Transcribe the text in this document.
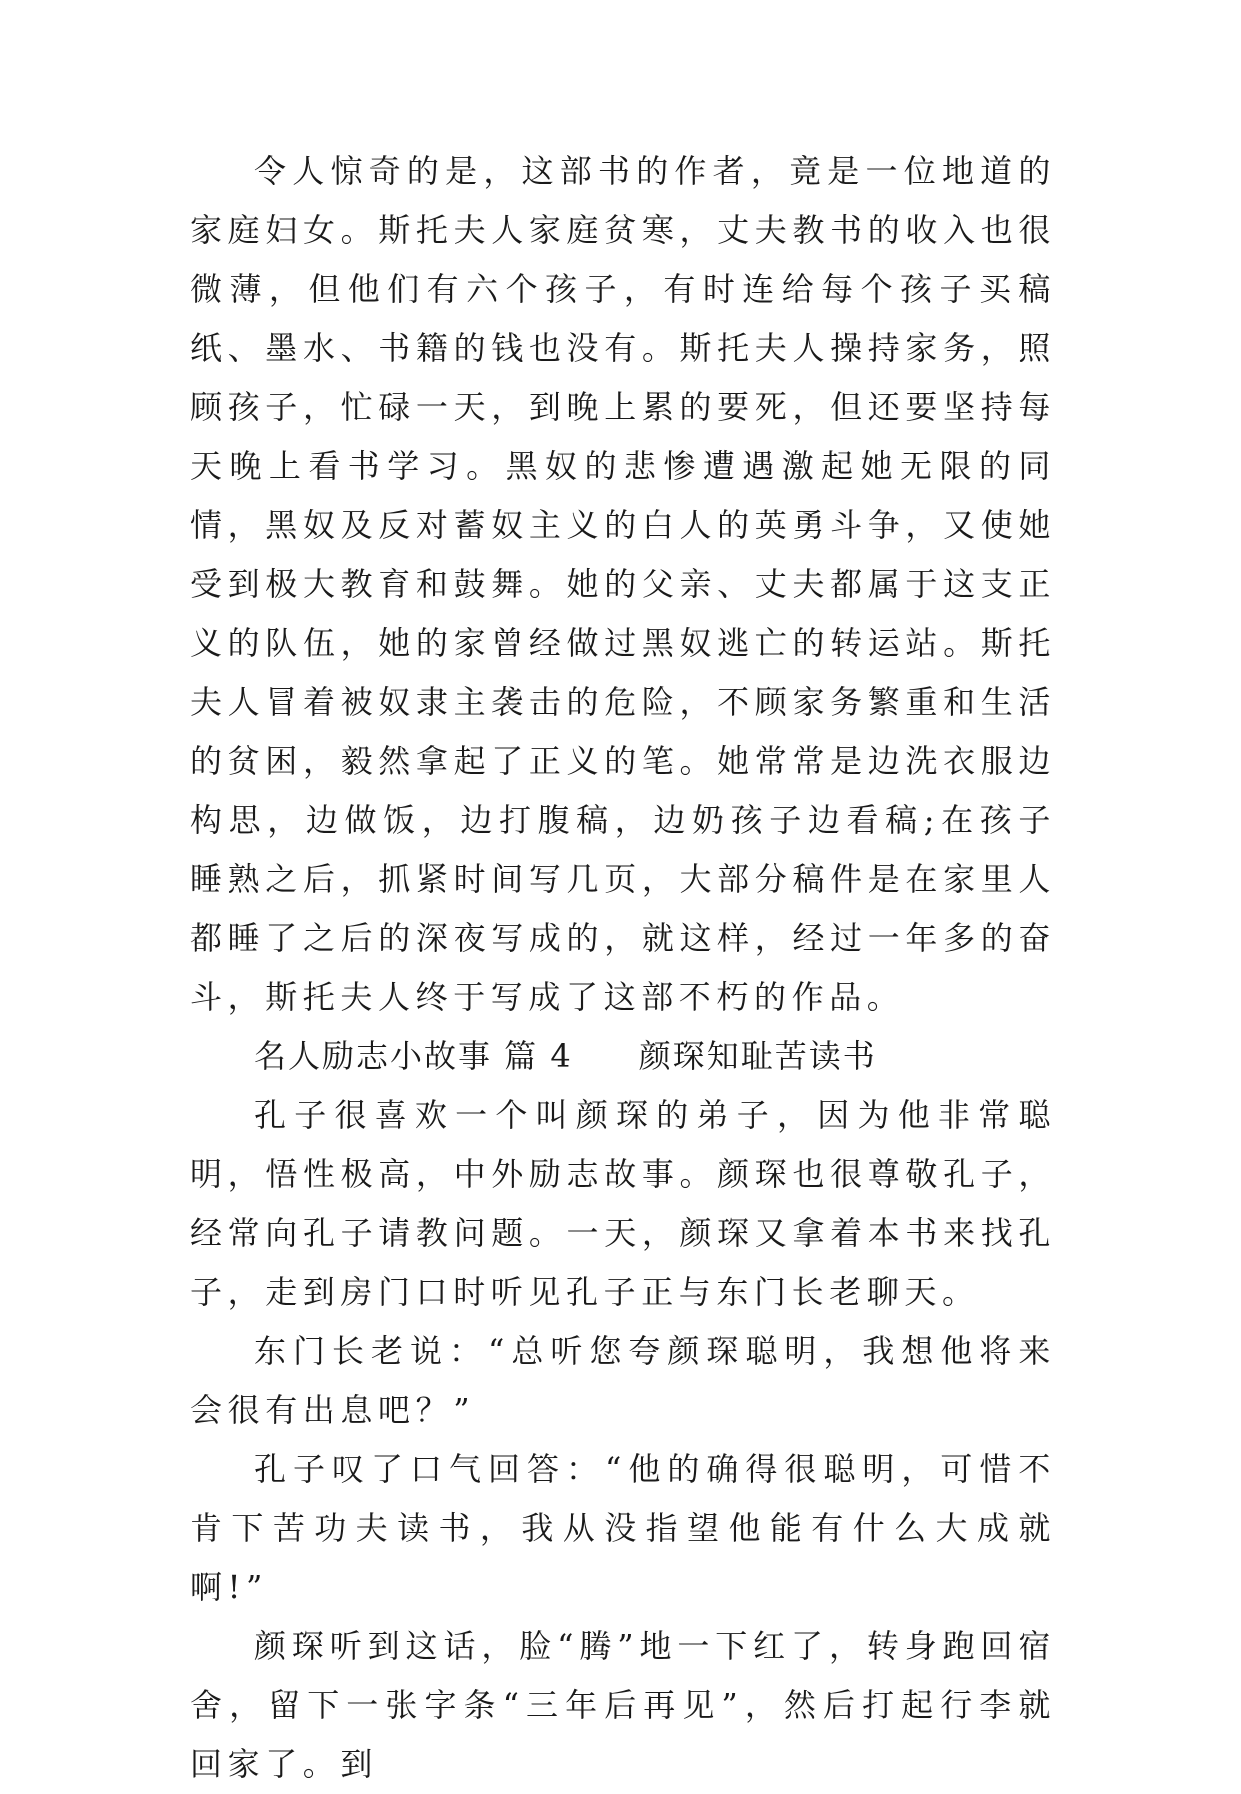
令人惊奇的是，这部书的作者，竟是一位地道的家庭妇女。斯托夫人家庭贫寒，丈夫教书的收入也很微薄，但他们有六个孩子，有时连给每个孩子买稿纸、墨水、书籍的钱也没有。斯托夫人操持家务，照顾孩子，忙碌一天，到晚上累的要死，但还要坚持每天晚上看书学习。黑奴的悲惨遭遇激起她无限的同情，黑奴及反对蓄奴主义的白人的英勇斗争，又使她受到极大教育和鼓舞。她的父亲、丈夫都属于这支正义的队伍，她的家曾经做过黑奴逃亡的转运站。斯托夫人冒着被奴隶主袭击的危险，不顾家务繁重和生活的贫困，毅然拿起了正义的笔。她常常是边洗衣服边构思，边做饭，边打腹稿，边奶孩子边看稿;在孩子睡熟之后，抓紧时间写几页，大部分稿件是在家里人都睡了之后的深夜写成的，就这样，经过一年多的奋斗，斯托夫人终于写成了这部不朽的作品。

名人励志小故事 篇 4 颜琛知耻苦读书

孔子很喜欢一个叫颜琛的弟子，因为他非常聪明，悟性极高，中外励志故事。颜琛也很尊敬孔子，经常向孔子请教问题。一天，颜琛又拿着本书来找孔子，走到房门口时听见孔子正与东门长老聊天。

东门长老说：“总听您夸颜琛聪明，我想他将来会很有出息吧？”

孔子叹了口气回答：“他的确得很聪明，可惜不肯下苦功夫读书，我从没指望他能有什么大成就啊!”

颜琛听到这话，脸“腾”地一下红了，转身跑回宿舍，留下一张字条“三年后再见”，然后打起行李就回家了。到
